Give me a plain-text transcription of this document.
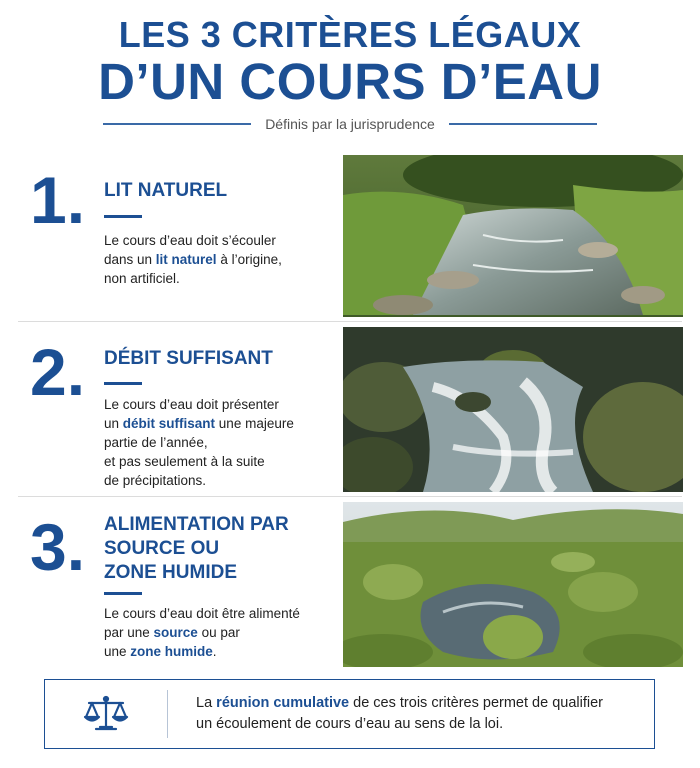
LES 3 CRITÈRES LÉGAUX
D’UN COURS D’EAU
Définis par la jurisprudence
1. LIT NATUREL

Le cours d’eau doit s’écouler
dans un lit naturel à l’origine,
non artificiel.

2. DÉBIT SUFFISANT

Le cours d’eau doit présenter
un débit suffisant une majeure
partie de l’année,
et pas seulement à la suite
de précipitations.

3. ALIMENTATION PAR
SOURCE OU
ZONE HUMIDE

Le cours d’eau doit être alimenté
par une source ou par
une zone humide.

La réunion cumulative de ces trois critères permet de qualifier
un écoulement de cours d’eau au sens de la loi.
